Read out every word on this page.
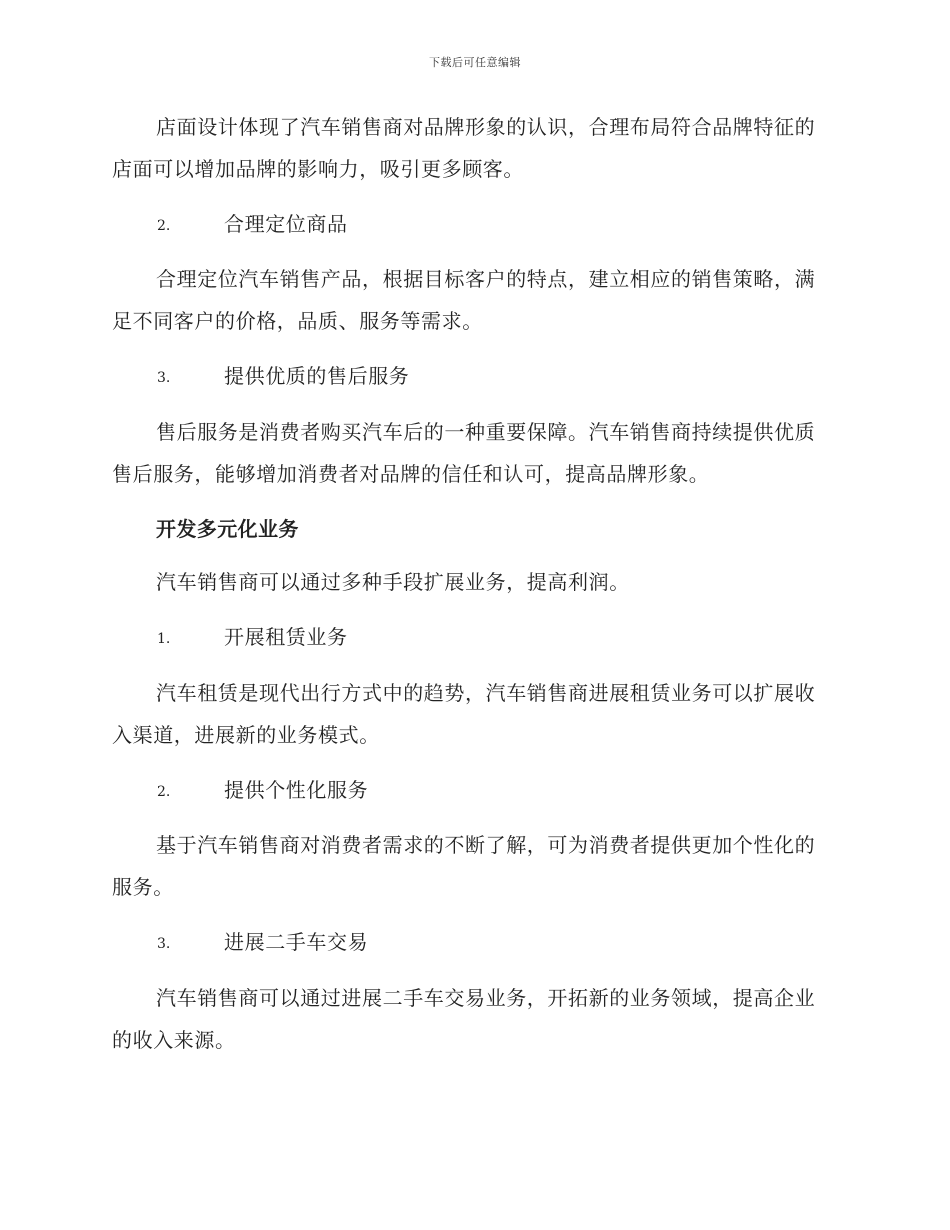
下载后可任意编辑

店面设计体现了汽车销售商对品牌形象的认识，合理布局符合品牌特征的店面可以增加品牌的影响力，吸引更多顾客。

2.	合理定位商品

合理定位汽车销售产品，根据目标客户的特点，建立相应的销售策略，满足不同客户的价格，品质、服务等需求。

3.	提供优质的售后服务

售后服务是消费者购买汽车后的一种重要保障。汽车销售商持续提供优质售后服务，能够增加消费者对品牌的信任和认可，提高品牌形象。

开发多元化业务

汽车销售商可以通过多种手段扩展业务，提高利润。

1.	开展租赁业务

汽车租赁是现代出行方式中的趋势，汽车销售商进展租赁业务可以扩展收入渠道，进展新的业务模式。

2.	提供个性化服务

基于汽车销售商对消费者需求的不断了解，可为消费者提供更加个性化的服务。

3.	进展二手车交易

汽车销售商可以通过进展二手车交易业务，开拓新的业务领域，提高企业的收入来源。
